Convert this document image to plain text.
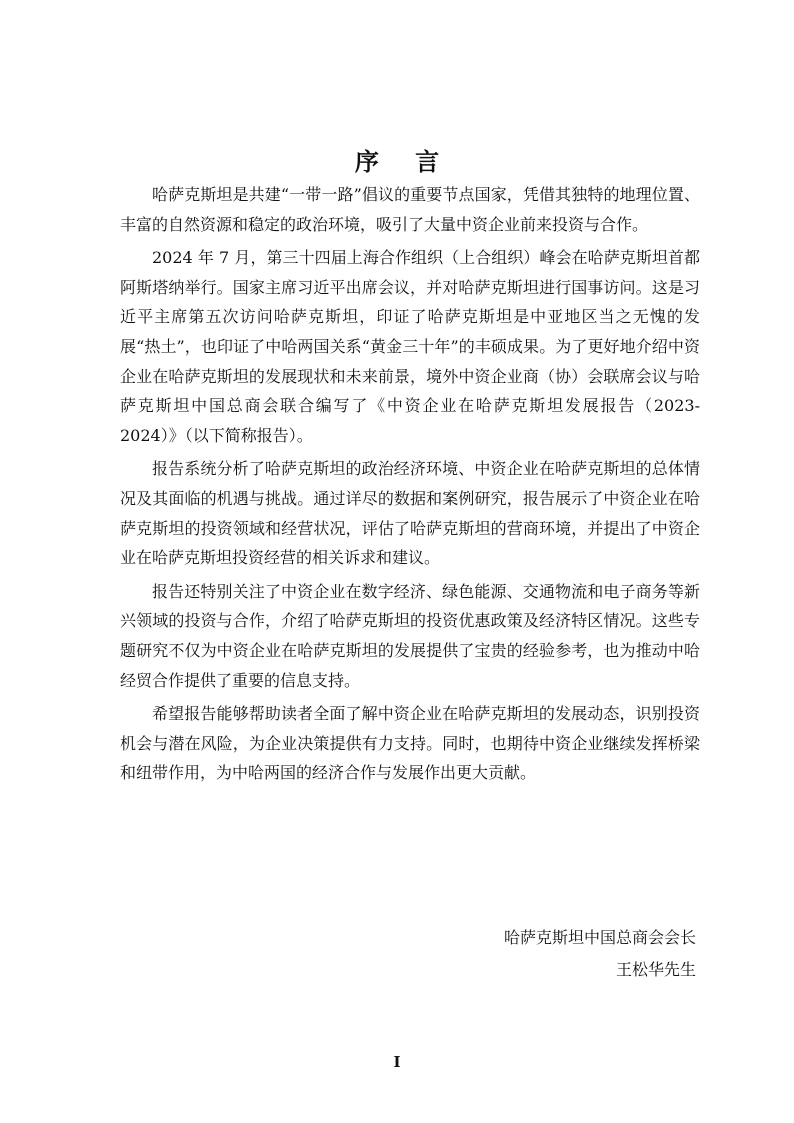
序 言

哈萨克斯坦是共建“一带一路”倡议的重要节点国家，凭借其独特的地理位置、丰富的自然资源和稳定的政治环境，吸引了大量中资企业前来投资与合作。

2024 年 7 月，第三十四届上海合作组织（上合组织）峰会在哈萨克斯坦首都阿斯塔纳举行。国家主席习近平出席会议，并对哈萨克斯坦进行国事访问。这是习近平主席第五次访问哈萨克斯坦，印证了哈萨克斯坦是中亚地区当之无愧的发展“热土”，也印证了中哈两国关系“黄金三十年”的丰硕成果。为了更好地介绍中资企业在哈萨克斯坦的发展现状和未来前景，境外中资企业商（协）会联席会议与哈萨克斯坦中国总商会联合编写了《中资企业在哈萨克斯坦发展报告（2023-2024）》（以下简称报告）。

报告系统分析了哈萨克斯坦的政治经济环境、中资企业在哈萨克斯坦的总体情况及其面临的机遇与挑战。通过详尽的数据和案例研究，报告展示了中资企业在哈萨克斯坦的投资领域和经营状况，评估了哈萨克斯坦的营商环境，并提出了中资企业在哈萨克斯坦投资经营的相关诉求和建议。

报告还特别关注了中资企业在数字经济、绿色能源、交通物流和电子商务等新兴领域的投资与合作，介绍了哈萨克斯坦的投资优惠政策及经济特区情况。这些专题研究不仅为中资企业在哈萨克斯坦的发展提供了宝贵的经验参考，也为推动中哈经贸合作提供了重要的信息支持。

希望报告能够帮助读者全面了解中资企业在哈萨克斯坦的发展动态，识别投资机会与潜在风险，为企业决策提供有力支持。同时，也期待中资企业继续发挥桥梁和纽带作用，为中哈两国的经济合作与发展作出更大贡献。

哈萨克斯坦中国总商会会长
王松华先生
I
